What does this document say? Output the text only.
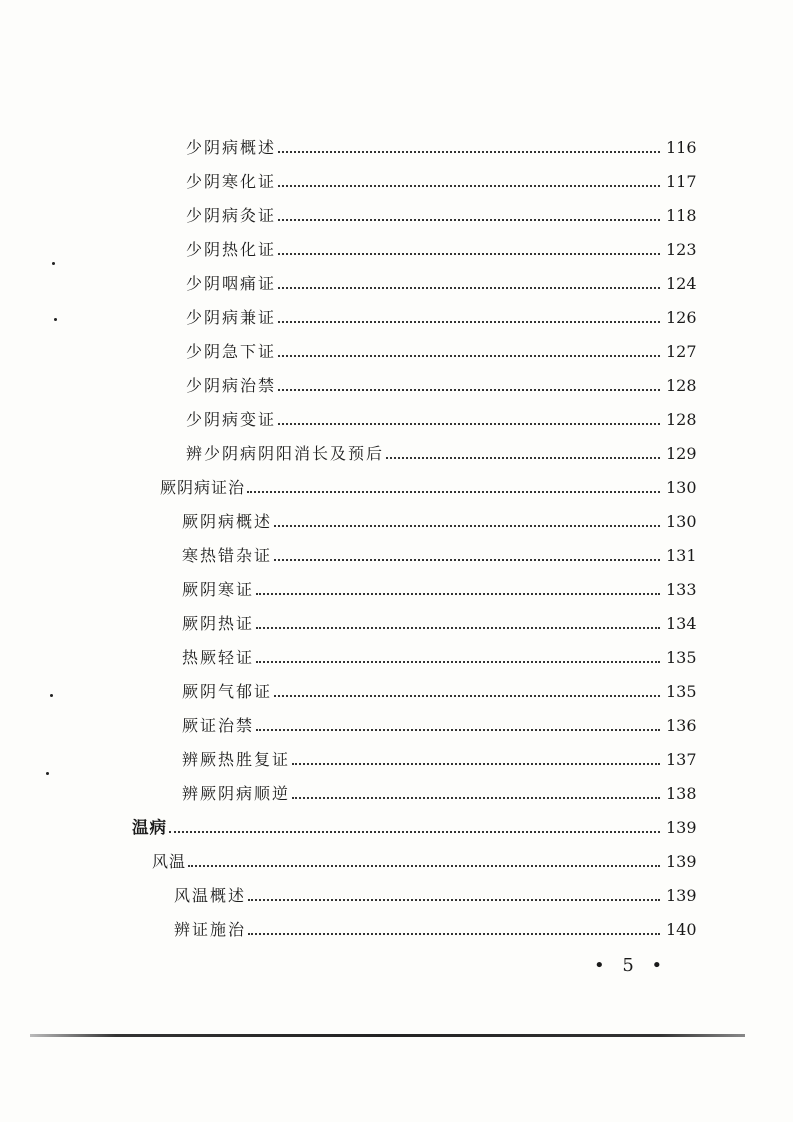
少阴病概述	116
少阴寒化证	117
少阴病灸证	118
少阴热化证	123
少阴咽痛证	124
少阴病兼证	126
少阴急下证	127
少阴病治禁	128
少阴病变证	128
辨少阴病阴阳消长及预后	129
厥阴病证治	130
厥阴病概述	130
寒热错杂证	131
厥阴寒证	133
厥阴热证	134
热厥轻证	135
厥阴气郁证	135
厥证治禁	136
辨厥热胜复证	137
辨厥阴病顺逆	138
温病	139
风温	139
风温概述	139
辨证施治	140
• 5 •
